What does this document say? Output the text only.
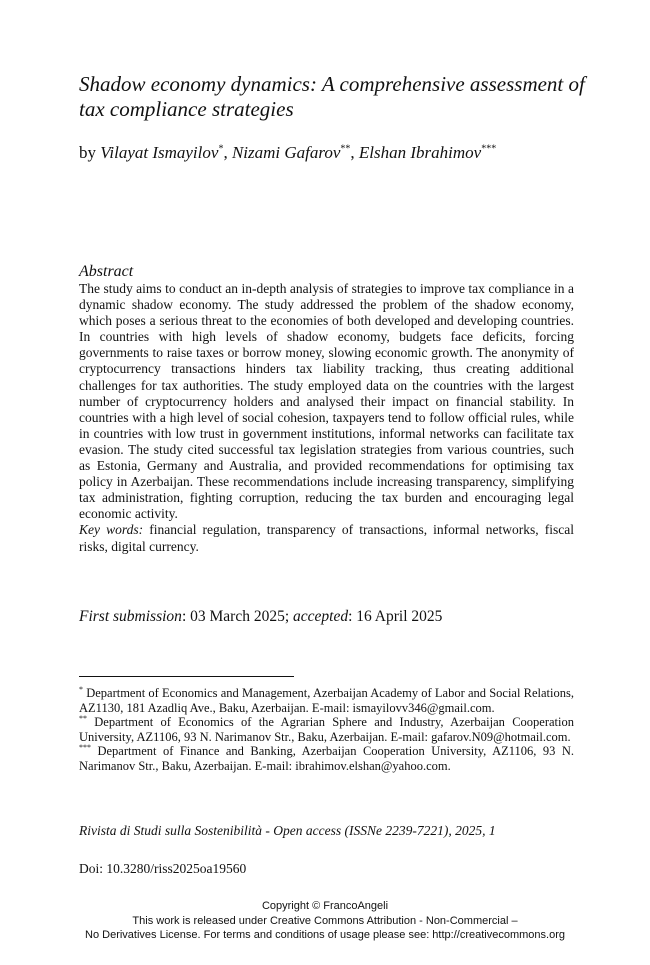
Shadow economy dynamics: A comprehensive assessment of tax compliance strategies

by Vilayat Ismayilov*, Nizami Gafarov**, Elshan Ibrahimov***

Abstract

The study aims to conduct an in-depth analysis of strategies to improve tax compliance in a dynamic shadow economy. The study addressed the problem of the shadow economy, which poses a serious threat to the economies of both developed and developing countries. In countries with high levels of shadow economy, budgets face deficits, forcing governments to raise taxes or borrow money, slowing economic growth. The anonymity of cryptocurrency transactions hinders tax liability tracking, thus creating additional challenges for tax authorities. The study employed data on the countries with the largest number of cryptocurrency holders and analysed their impact on financial stability. In countries with a high level of social cohesion, taxpayers tend to follow official rules, while in countries with low trust in government institutions, informal networks can facilitate tax evasion. The study cited successful tax legislation strategies from various countries, such as Estonia, Germany and Australia, and provided recommendations for optimising tax policy in Azerbaijan. These recommendations include increasing transparency, simplifying tax administration, fighting corruption, reducing the tax burden and encouraging legal economic activity.
Key words: financial regulation, transparency of transactions, informal networks, fiscal risks, digital currency.

First submission: 03 March 2025; accepted: 16 April 2025

* Department of Economics and Management, Azerbaijan Academy of Labor and Social Relations, AZ1130, 181 Azadliq Ave., Baku, Azerbaijan. E-mail: ismayilovv346@gmail.com.

** Department of Economics of the Agrarian Sphere and Industry, Azerbaijan Cooperation University, AZ1106, 93 N. Narimanov Str., Baku, Azerbaijan. E-mail: gafarov.N09@hotmail.com.

*** Department of Finance and Banking, Azerbaijan Cooperation University, AZ1106, 93 N. Narimanov Str., Baku, Azerbaijan. E-mail: ibrahimov.elshan@yahoo.com.

Rivista di Studi sulla Sostenibilità - Open access (ISSNe 2239-7221), 2025, 1

Doi: 10.3280/riss2025oa19560

Copyright © FrancoAngeli
This work is released under Creative Commons Attribution - Non-Commercial –
No Derivatives License. For terms and conditions of usage please see: http://creativecommons.org
